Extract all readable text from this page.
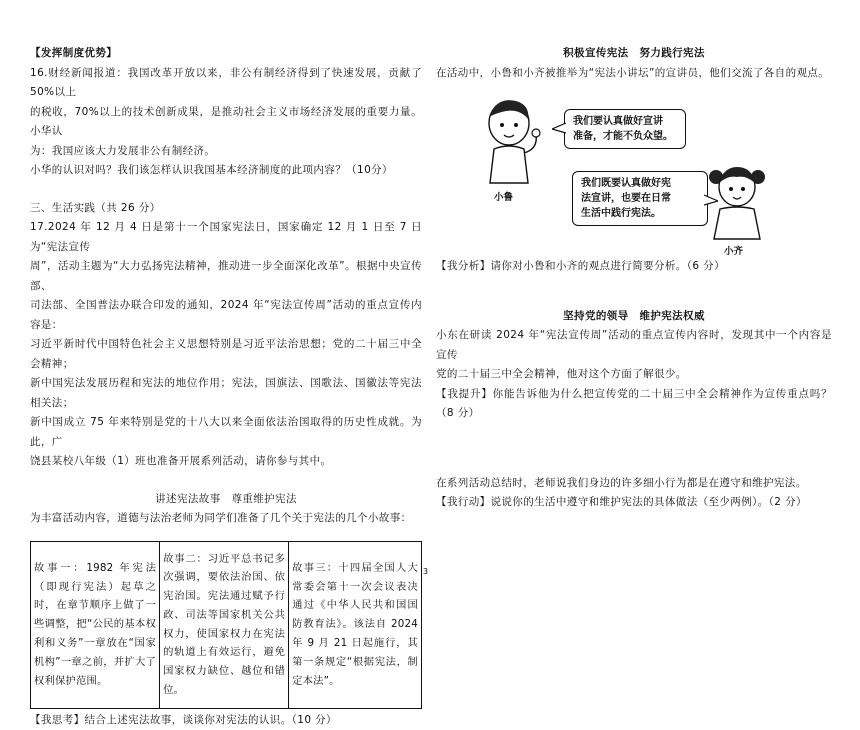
【发挥制度优势】

16.财经新闻报道：我国改革开放以来，非公有制经济得到了快速发展，贡献了 50%以上

的税收，70%以上的技术创新成果，是推动社会主义市场经济发展的重要力量。小华认

为：我国应该大力发展非公有制经济。

小华的认识对吗？我们该怎样认识我国基本经济制度的此项内容？（10分）

三、生活实践（共 26 分）

17.2024 年 12 月 4 日是第十一个国家宪法日，国家确定 12 月 1 日至 7 日为“宪法宣传

周”，活动主题为“大力弘扬宪法精神，推动进一步全面深化改革”。根据中央宣传部、

司法部、全国普法办联合印发的通知，2024 年“宪法宣传周”活动的重点宣传内容是：

习近平新时代中国特色社会主义思想特别是习近平法治思想；党的二十届三中全会精神；

新中国宪法发展历程和宪法的地位作用；宪法，国旗法、国歌法、国徽法等宪法相关法；

新中国成立 75 年来特别是党的十八大以来全面依法治国取得的历史性成就。为此，广

饶县某校八年级（1）班也准备开展系列活动，请你参与其中。

讲述宪法故事　尊重维护宪法

为丰富活动内容，道德与法治老师为同学们准备了几个关于宪法的几个小故事：

故事一：1982 年宪法（即现行宪法）起草之时，在章节顺序上做了一些调整，把“公民的基本权利和义务”一章放在“国家机构”一章之前，并扩大了权利保护范围。	故事二：习近平总书记多次强调，要依法治国、依宪治国。宪法通过赋予行政、司法等国家机关公共权力，使国家权力在宪法的轨道上有效运行，避免国家权力缺位、越位和错位。	故事三：十四届全国人大常委会第十一次会议表决通过《中华人民共和国国防教育法》。该法自 2024 年 9 月 21 日起施行，其第一条规定“根据宪法，制定本法”。

【我思考】结合上述宪法故事，谈谈你对宪法的认识。（10 分）

积极宣传宪法　努力践行宪法

在活动中，小鲁和小齐被推举为“宪法小讲坛”的宣讲员，他们交流了各自的观点。

小鲁
我们要认真做好宣讲
准备，才能不负众望。
小齐
我们既要认真做好宪
法宣讲，也要在日常
生活中践行宪法。

【我分析】请你对小鲁和小齐的观点进行简要分析。（6 分）

坚持党的领导　维护宪法权威

小东在研读 2024 年“宪法宣传周”活动的重点宣传内容时，发现其中一个内容是宣传

党的二十届三中全会精神，他对这个方面了解很少。

【我提升】你能告诉他为什么把宣传党的二十届三中全会精神作为宣传重点吗？（8 分）

在系列活动总结时，老师说我们身边的许多细小行为都是在遵守和维护宪法。

【我行动】说说你的生活中遵守和维护宪法的具体做法（至少两例）。（2 分）

3
